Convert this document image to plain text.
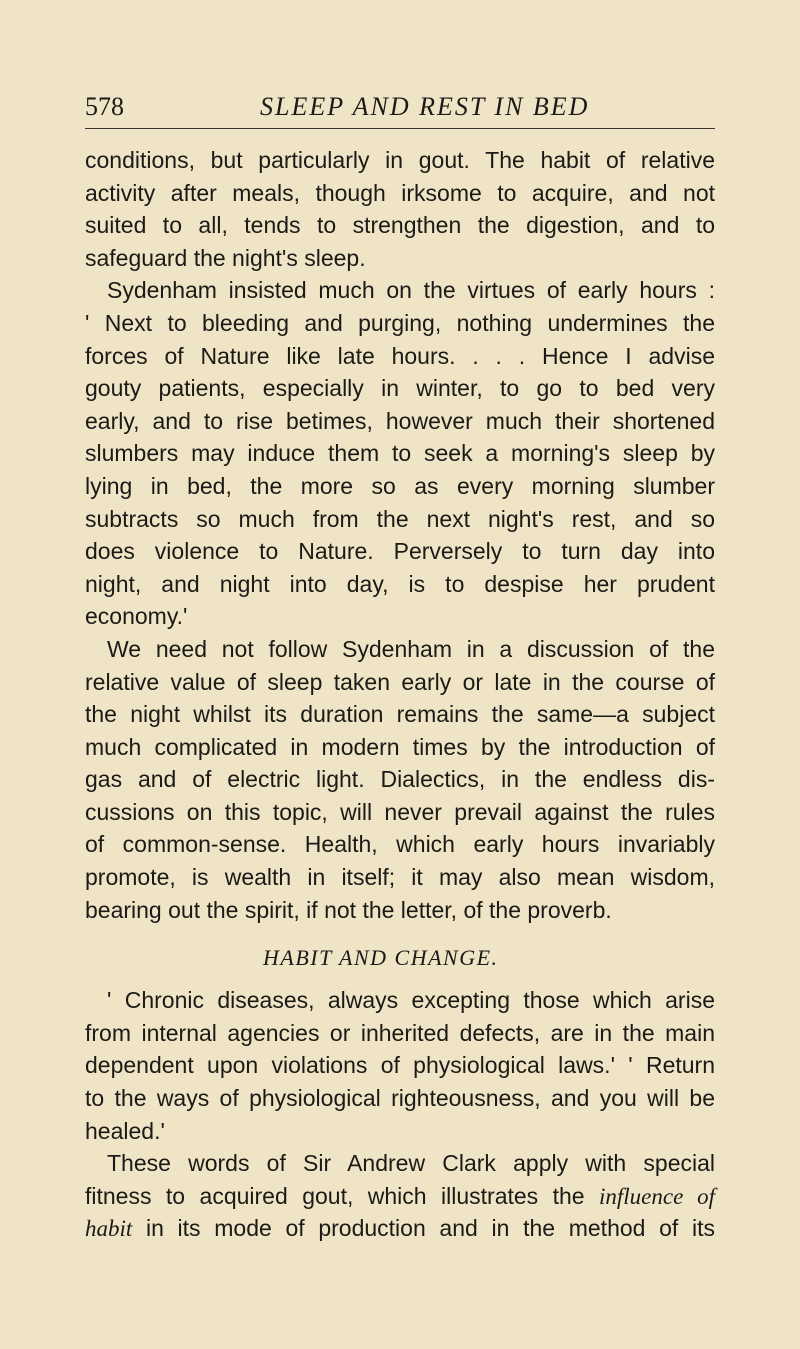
578	SLEEP AND REST IN BED
conditions, but particularly in gout. The habit of relative
activity after meals, though irksome to acquire, and not
suited to all, tends to strengthen the digestion, and to
safeguard the night's sleep.
Sydenham insisted much on the virtues of early hours :
' Next to bleeding and purging, nothing undermines the
forces of Nature like late hours. . . . Hence I advise
gouty patients, especially in winter, to go to bed very
early, and to rise betimes, however much their shortened
slumbers may induce them to seek a morning's sleep by
lying in bed, the more so as every morning slumber
subtracts so much from the next night's rest, and so
does violence to Nature. Perversely to turn day into
night, and night into day, is to despise her prudent
economy.'
We need not follow Sydenham in a discussion of the
relative value of sleep taken early or late in the course of
the night whilst its duration remains the same—a subject
much complicated in modern times by the introduction of
gas and of electric light. Dialectics, in the endless dis-
cussions on this topic, will never prevail against the rules
of common-sense. Health, which early hours invariably
promote, is wealth in itself; it may also mean wisdom,
bearing out the spirit, if not the letter, of the proverb.
HABIT AND CHANGE.
' Chronic diseases, always excepting those which arise
from internal agencies or inherited defects, are in the main
dependent upon violations of physiological laws.' ' Return
to the ways of physiological righteousness, and you will be
healed.'
These words of Sir Andrew Clark apply with special
fitness to acquired gout, which illustrates the influence of
habit in its mode of production and in the method of its
